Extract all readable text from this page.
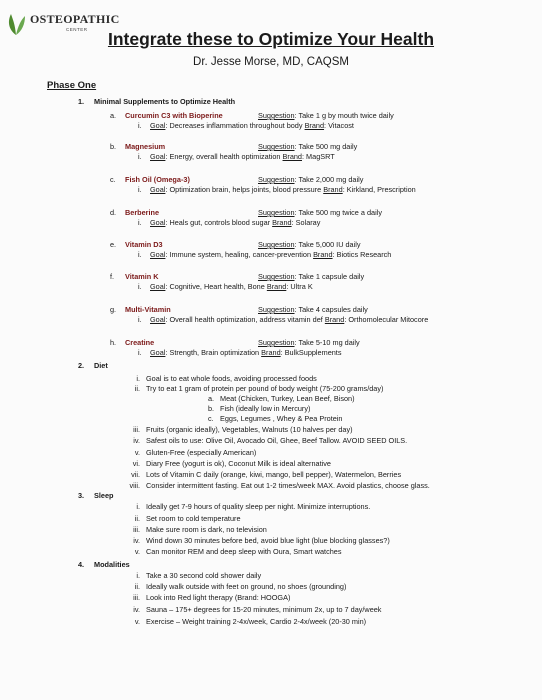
OSTEOPATHIC
CENTER	Integrate these to Optimize Your Health
Dr. Jesse Morse, MD, CAQSM
Phase One
1. Minimal Supplements to Optimize Health
a. Curcumin C3 with Bioperine	Suggestion: Take 1 g by mouth twice daily
i. Goal: Decreases inflammation throughout body Brand: Vitacost
b. Magnesium	Suggestion: Take 500 mg daily
i. Goal: Energy, overall health optimization Brand: MagSRT
c. Fish Oil (Omega-3)	Suggestion: Take 2,000 mg daily
i. Goal: Optimization brain, helps joints, blood pressure Brand: Kirkland, Prescription
d. Berberine	Suggestion: Take 500 mg twice a daily
i. Goal: Heals gut, controls blood sugar Brand: Solaray
e. Vitamin D3	Suggestion: Take 5,000 IU daily
i. Goal: Immune system, healing, cancer-prevention Brand: Biotics Research
f. Vitamin K	Suggestion: Take 1 capsule daily
i. Goal: Cognitive, Heart health, Bone Brand: Ultra K
g. Multi-Vitamin	Suggestion: Take 4 capsules daily
i. Goal: Overall health optimization, address vitamin def Brand: Orthomolecular Mitocore
h. Creatine	Suggestion: Take 5-10 mg daily
i. Goal: Strength, Brain optimization Brand: BulkSupplements
2. Diet
i. Goal is to eat whole foods, avoiding processed foods
ii. Try to eat 1 gram of protein per pound of body weight (75-200 grams/day)
iii. Fruits (organic ideally), Vegetables, Walnuts (10 halves per day)
iv. Safest oils to use: Olive Oil, Avocado Oil, Ghee, Beef Tallow. AVOID SEED OILS.
v. Gluten-Free (especially American)
vi. Diary Free (yogurt is ok), Coconut Milk is ideal alternative
vii. Lots of Vitamin C daily (orange, kiwi, mango, bell pepper), Watermelon, Berries
viii. Consider intermittent fasting. Eat out 1-2 times/week MAX. Avoid plastics, choose glass.
a. Meat (Chicken, Turkey, Lean Beef, Bison)
b. Fish (ideally low in Mercury)
c. Eggs, Legumes , Whey & Pea Protein
3. Sleep
i. Ideally get 7-9 hours of quality sleep per night. Minimize interruptions.
ii. Set room to cold temperature
iii. Make sure room is dark, no television
iv. Wind down 30 minutes before bed, avoid blue light (blue blocking glasses?)
v. Can monitor REM and deep sleep with Oura, Smart watches
4. Modalities
i. Take a 30 second cold shower daily
ii. Ideally walk outside with feet on ground, no shoes (grounding)
iii. Look into Red light therapy (Brand: HOOGA)
iv. Sauna – 175+ degrees for 15-20 minutes, minimum 2x, up to 7 day/week
v. Exercise – Weight training 2-4x/week, Cardio 2-4x/week (20-30 min)
